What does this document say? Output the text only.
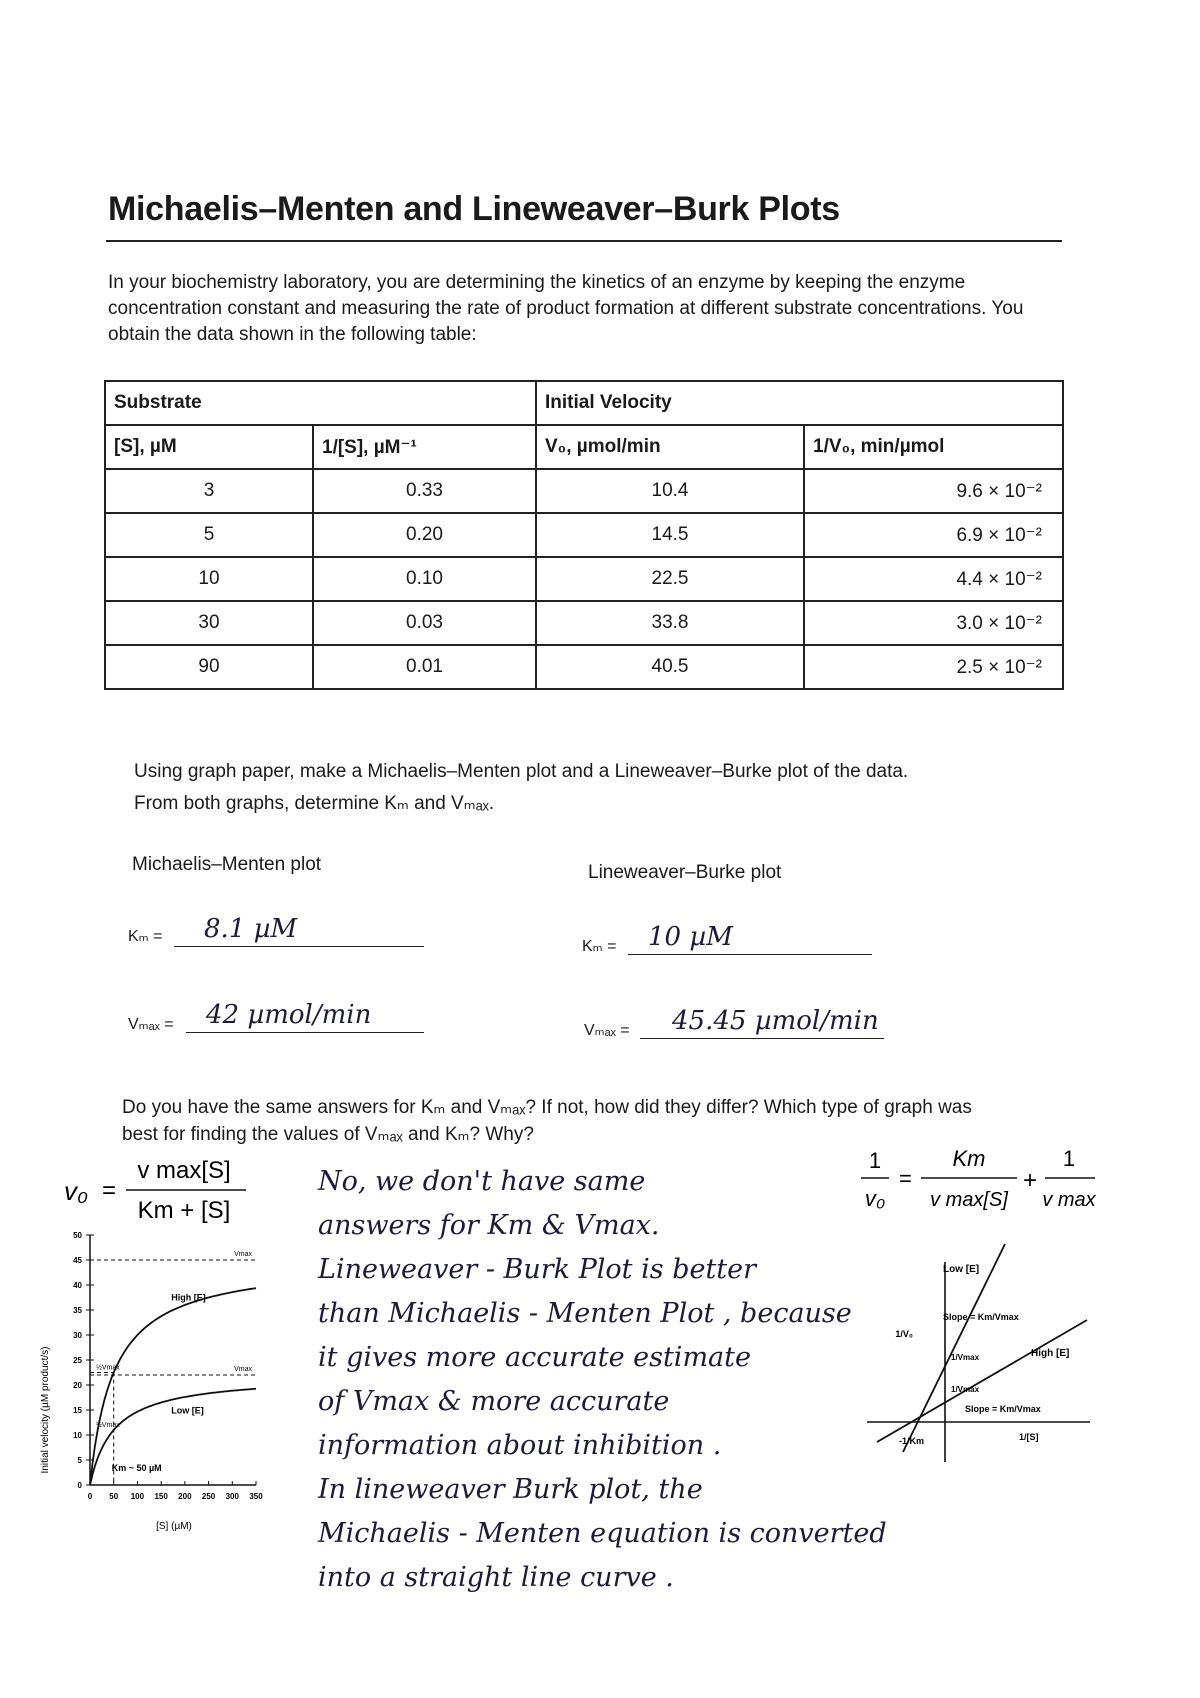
Michaelis–Menten and Lineweaver–Burk Plots
In your biochemistry laboratory, you are determining the kinetics of an enzyme by keeping the enzyme concentration constant and measuring the rate of product formation at different substrate concentrations. You obtain the data shown in the following table:
Substrate		Initial Velocity	
[S], µM	1/[S], µM⁻¹	V₀, µmol/min	1/V₀, min/µmol
3	0.33	10.4	9.6 × 10⁻²
5	0.20	14.5	6.9 × 10⁻²
10	0.10	22.5	4.4 × 10⁻²
30	0.03	33.8	3.0 × 10⁻²
90	0.01	40.5	2.5 × 10⁻²
Using graph paper, make a Michaelis–Menten plot and a Lineweaver–Burke plot of the data.
From both graphs, determine Kₘ and Vₘₐₓ.
Michaelis–Menten plot	Lineweaver–Burke plot
Kₘ =	8.1 µM
Kₘ =	10 µM
Vₘₐₓ =	42 µmol/min
Vₘₐₓ =	45.45 µmol/min
Do you have the same answers for Kₘ and Vₘₐₓ? If not, how did they differ? Which type of graph was best for finding the values of Vₘₐₓ and Kₘ? Why?
v₀ =
v max[S]
Km + [S]
1
v₀
=
Km
v max[S]
+
1
v max
Initial velocity (µM product/s)
0
5
10
15
20
25
30
35
40
45
50
0 50 100 150 200 250 300 350
Vmax
Vmax
½Vmax
½Vmax
Km ~ 50 µM
High [E]
Low [E]
[S] (µM)
Low [E]
High [E]
Slope = Km/Vmax
Slope = Km/Vmax
1/V₀
1/Vmax
1/Vmax
-1/Km	1/[S]
No, we don't have same
answers for Km & Vmax.
Lineweaver - Burk Plot is better
than Michaelis - Menten Plot , because
it gives more accurate estimate
of Vmax & more accurate
information about inhibition .
In lineweaver Burk plot, the
Michaelis - Menten equation is converted
into a straight line curve .
